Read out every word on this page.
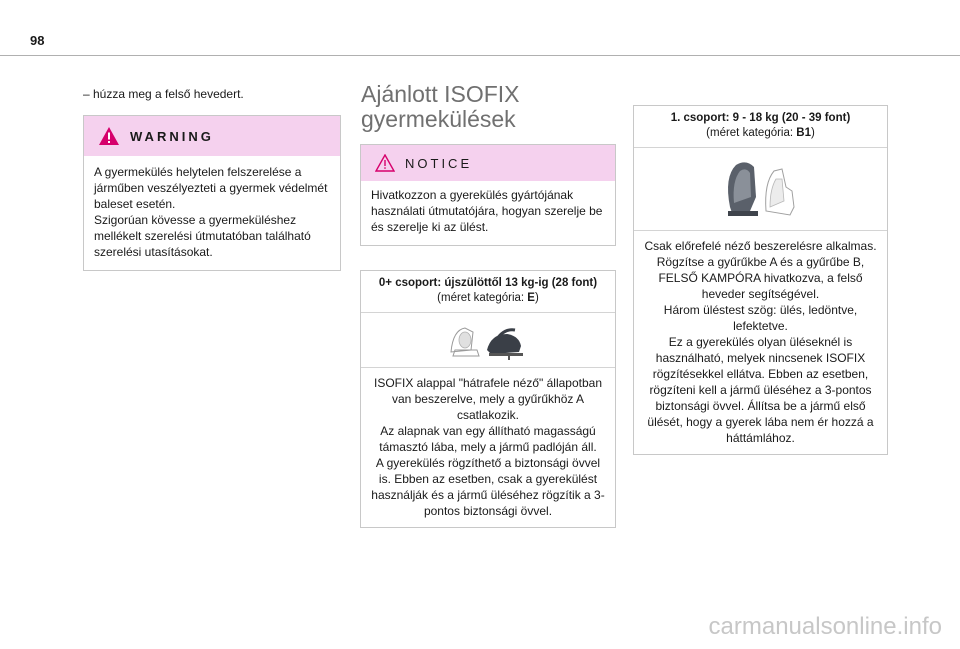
98
– húzza meg a felső hevedert.
WARNING
A gyermekülés helytelen felszerelése a járműben veszélyezteti a gyermek védelmét baleset esetén.
Szigorúan kövesse a gyermeküléshez mellékelt szerelési útmutatóban található szerelési utasításokat.
Ajánlott ISOFIX gyermekülések
NOTICE
Hivatkozzon a gyerekülés gyártójának használati útmutatójára, hogyan szerelje be és szerelje ki az ülést.
0+ csoport: újszülöttől 13 kg-ig (28 font)
(méret kategória: E)
ISOFIX alappal "hátrafele néző" állapotban van beszerelve, mely a gyűrűkhöz A csatlakozik.
Az alapnak van egy állítható magasságú támasztó lába, mely a jármű padlóján áll.
A gyerekülés rögzíthető a biztonsági övvel is. Ebben az esetben, csak a gyerekülést használják és a jármű üléséhez rögzítik a 3-pontos biztonsági övvel.
1. csoport: 9 - 18 kg (20 - 39 font)
(méret kategória: B1)
Csak előrefelé néző beszerelésre alkalmas.
Rögzítse a gyűrűkbe A és a gyűrűbe B, FELSŐ KAMPÓRA hivatkozva, a felső heveder segítségével.
Három üléstest szög: ülés, ledöntve, lefektetve.
Ez a gyerekülés olyan üléseknél is használható, melyek nincsenek ISOFIX rögzítésekkel ellátva. Ebben az esetben, rögzíteni kell a jármű üléséhez a 3-pontos biztonsági övvel. Állítsa be a jármű első ülését, hogy a gyerek lába nem ér hozzá a háttámlához.
carmanualsonline.info
